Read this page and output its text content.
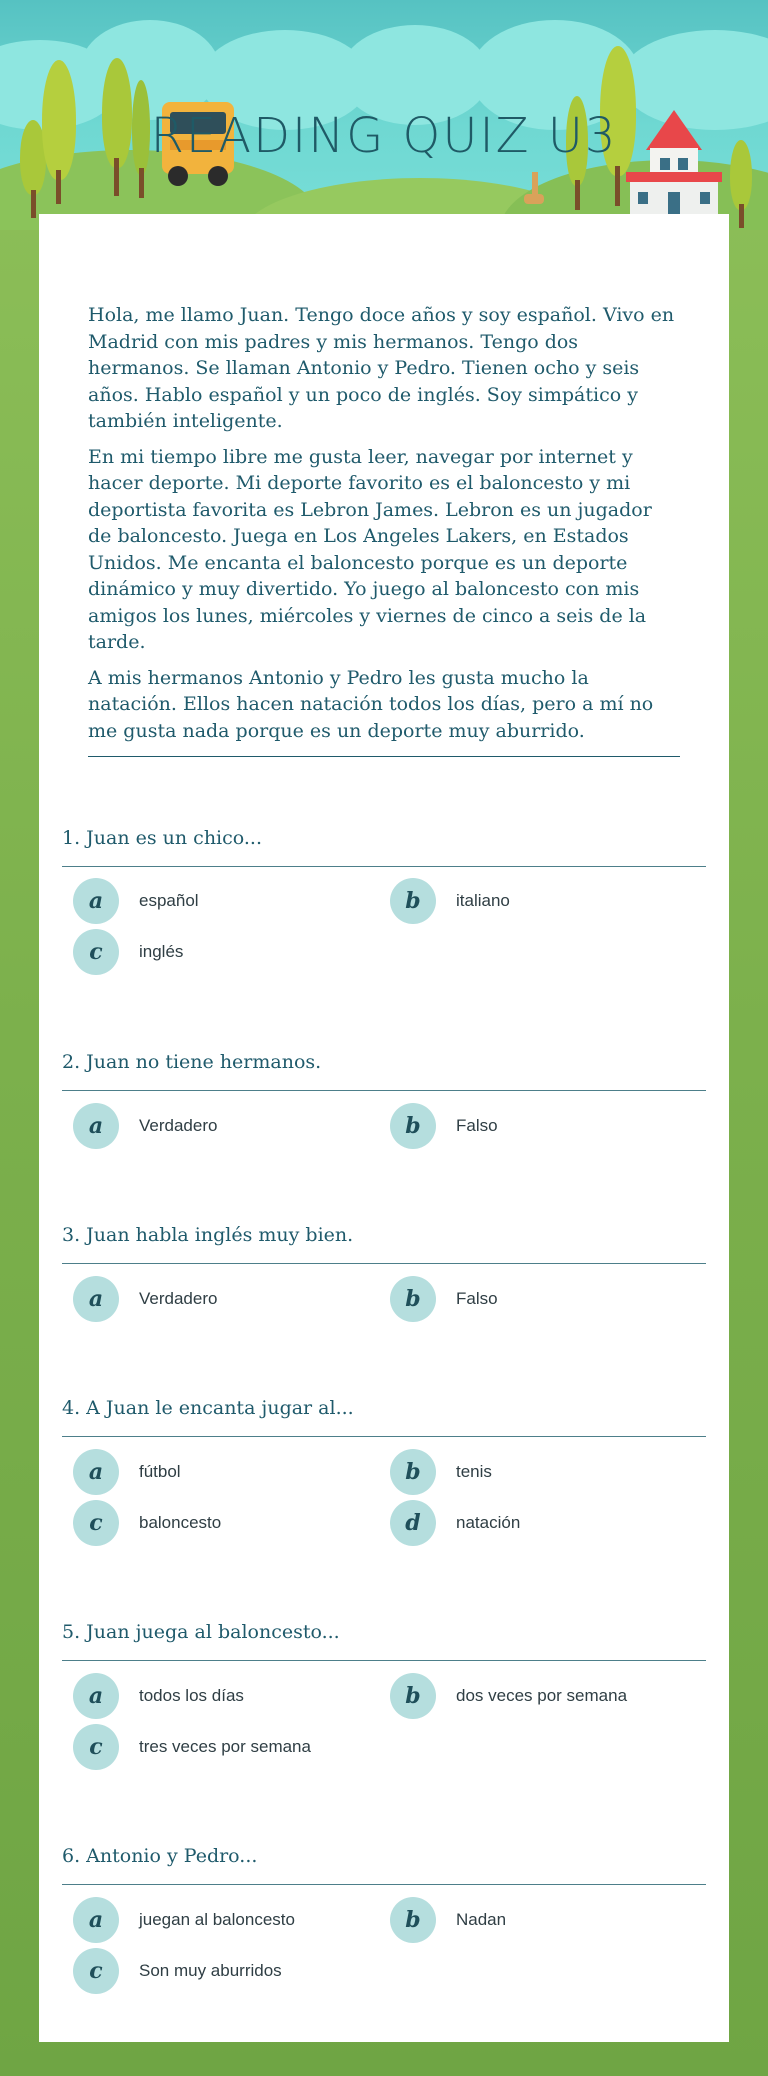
READING QUIZ U3

Hola, me llamo Juan. Tengo doce años y soy español. Vivo en Madrid con mis padres y mis hermanos. Tengo dos hermanos. Se llaman Antonio y Pedro. Tienen ocho y seis años. Hablo español y un poco de inglés. Soy simpático y también inteligente.

En mi tiempo libre me gusta leer, navegar por internet y hacer deporte. Mi deporte favorito es el baloncesto y mi deportista favorita es Lebron James. Lebron es un jugador de baloncesto. Juega en Los Angeles Lakers, en Estados Unidos. Me encanta el baloncesto porque es un deporte dinámico y muy divertido. Yo juego al baloncesto con mis amigos los lunes, miércoles y viernes de cinco a seis de la tarde.

A mis hermanos Antonio y Pedro les gusta mucho la natación. Ellos hacen natación todos los días, pero a mí no me gusta nada porque es un deporte muy aburrido.

1. Juan es un chico...
a	español	b	italiano
c	inglés
2. Juan no tiene hermanos.
a	Verdadero	b	Falso
3. Juan habla inglés muy bien.
a	Verdadero	b	Falso
4. A Juan le encanta jugar al...
a	fútbol	b	tenis
c	baloncesto	d	natación
5. Juan juega al baloncesto...
a	todos los días	b	dos veces por semana
c	tres veces por semana
6. Antonio y Pedro...
a	juegan al baloncesto	b	Nadan
c	Son muy aburridos
